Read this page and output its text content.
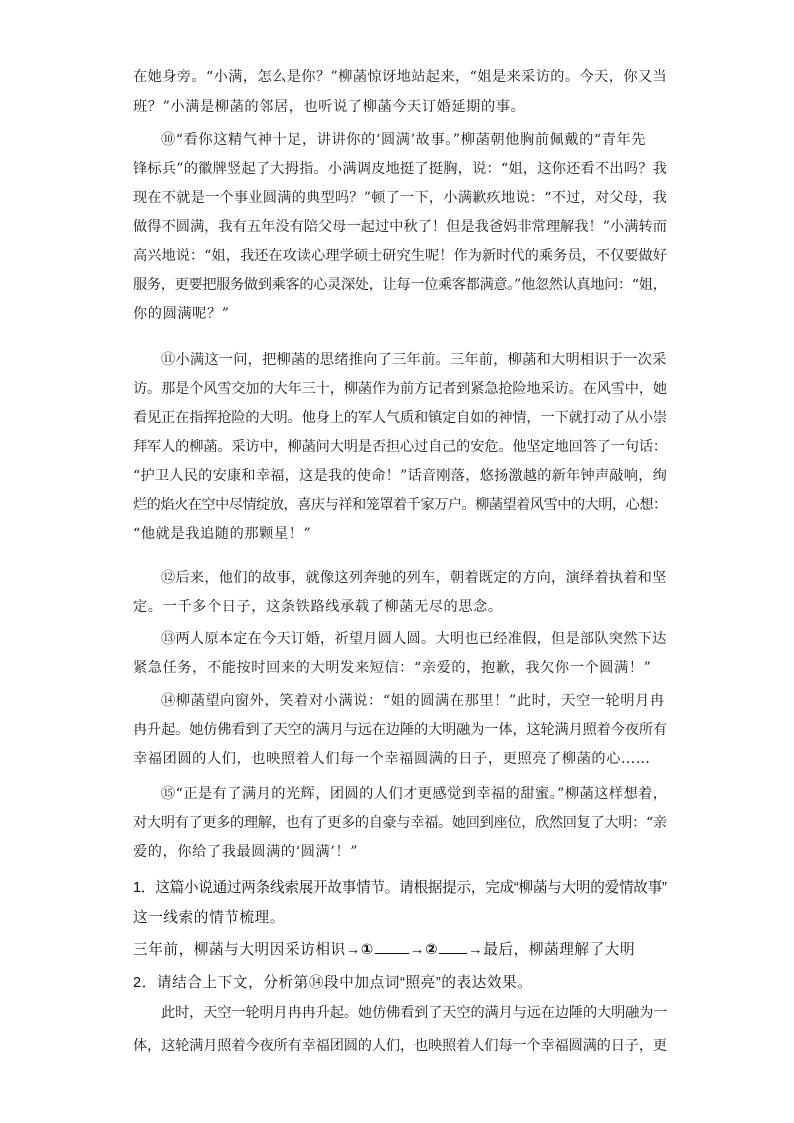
在她身旁。“小满，怎么是你？”柳菡惊讶地站起来，“姐是来采访的。今天，你又当
班？”小满是柳菡的邻居，也听说了柳菡今天订婚延期的事。
⑩“看你这精气神十足，讲讲你的‘圆满’故事。”柳菡朝他胸前佩戴的“青年先
锋标兵”的徽牌竖起了大拇指。小满调皮地挺了挺胸，说：“姐，这你还看不出吗？我
现在不就是一个事业圆满的典型吗？”顿了一下，小满歉疚地说：“不过，对父母，我
做得不圆满，我有五年没有陪父母一起过中秋了！但是我爸妈非常理解我！”小满转而
高兴地说：“姐，我还在攻读心理学硕士研究生呢！作为新时代的乘务员，不仅要做好
服务，更要把服务做到乘客的心灵深处，让每一位乘客都满意。”他忽然认真地问：“姐，
你的圆满呢？”
⑪小满这一问，把柳菡的思绪推向了三年前。三年前，柳菡和大明相识于一次采
访。那是个风雪交加的大年三十，柳菡作为前方记者到紧急抢险地采访。在风雪中，她
看见正在指挥抢险的大明。他身上的军人气质和镇定自如的神情，一下就打动了从小崇
拜军人的柳菡。采访中，柳菡问大明是否担心过自己的安危。他坚定地回答了一句话：
“护卫人民的安康和幸福，这是我的使命！”话音刚落，悠扬激越的新年钟声敲响，绚
烂的焰火在空中尽情绽放，喜庆与祥和笼罩着千家万户。柳菡望着风雪中的大明，心想：
“他就是我追随的那颗星！”
⑫后来，他们的故事，就像这列奔驰的列车，朝着既定的方向，演绎着执着和坚
定。一千多个日子，这条铁路线承载了柳菡无尽的思念。
⑬两人原本定在今天订婚，祈望月圆人圆。大明也已经准假，但是部队突然下达
紧急任务，不能按时回来的大明发来短信：“亲爱的，抱歉，我欠你一个圆满！”
⑭柳菡望向窗外，笑着对小满说：“姐的圆满在那里！”此时，天空一轮明月冉
冉升起。她仿佛看到了天空的满月与远在边陲的大明融为一体，这轮满月照着今夜所有
幸福团圆的人们，也映照着人们每一个幸福圆满的日子，更照亮了柳菡的心……
⑮“正是有了满月的光辉，团圆的人们才更感觉到幸福的甜蜜。”柳菡这样想着，
对大明有了更多的理解，也有了更多的自豪与幸福。她回到座位，欣然回复了大明：“亲
爱的，你给了我最圆满的‘圆满’！”
1．这篇小说通过两条线索展开故事情节。请根据提示，完成“柳菡与大明的爱情故事”
这一线索的情节梳理。
三年前，柳菡与大明因采访相识→① →② →最后，柳菡理解了大明
2．请结合上下文，分析第⑭段中加点词“照亮”的表达效果。
此时，天空一轮明月冉冉升起。她仿佛看到了天空的满月与远在边陲的大明融为一
体，这轮满月照着今夜所有幸福团圆的人们，也映照着人们每一个幸福圆满的日子，更
